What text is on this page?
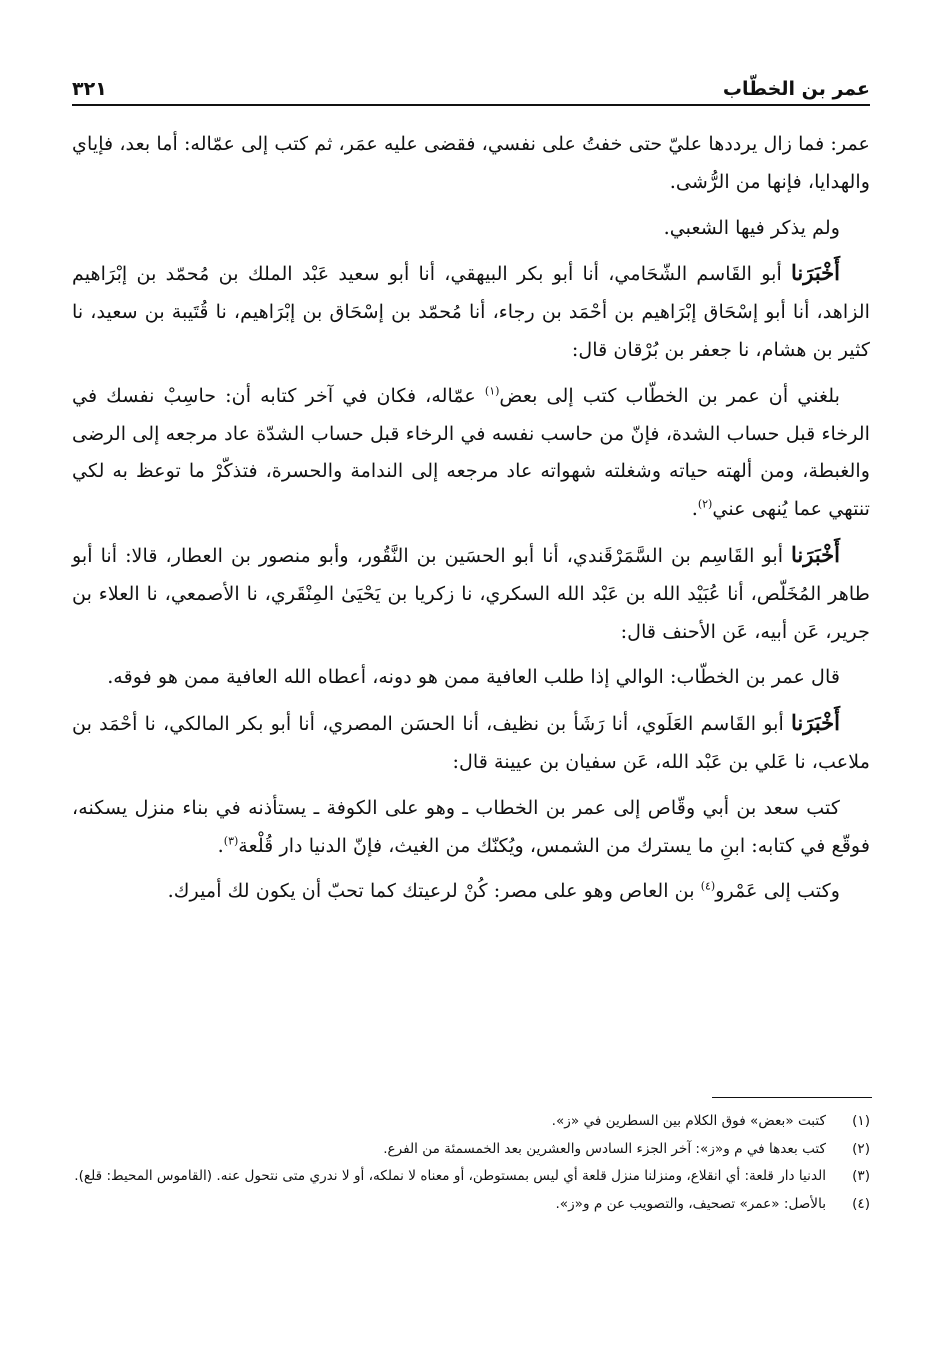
عمر بن الخطّاب
٣٢١

عمر: فما زال يرددها عليّ حتى خفتُ على نفسي، فقضى عليه عمَر، ثم كتب إلى عمّاله: أما بعد، فإياي والهدايا، فإنها من الرُّشى.

ولم يذكر فيها الشعبي.

أَخْبَرَنا أبو القَاسم الشّحَامي، أنا أبو بكر البيهقي، أنا أبو سعيد عَبْد الملك بن مُحمّد بن إبْرَاهيم الزاهد، أنا أبو إسْحَاق إبْرَاهيم بن أحْمَد بن رجاء، أنا مُحمّد بن إسْحَاق بن إبْرَاهيم، نا قُتَيبة بن سعيد، نا كثير بن هشام، نا جعفر بن بُرْقان قال:

بلغني أن عمر بن الخطّاب كتب إلى بعض$^{(١)}$ عمّاله، فكان في آخر كتابه أن: حاسِبْ نفسك في الرخاء قبل حساب الشدة، فإنّ من حاسب نفسه في الرخاء قبل حساب الشدّة عاد مرجعه إلى الرضى والغبطة، ومن ألهته حياته وشغلته شهواته عاد مرجعه إلى الندامة والحسرة، فتذكّرْ ما توعظ به لكي تنتهي عما يُنهى عني$^{(٢)}$.

أَخْبَرَنا أبو القَاسِم بن السَّمَرْقَندي، أنا أبو الحسَين بن النَّقُور، وأبو منصور بن العطار، قالا: أنا أبو طاهر المُخَلّص، أنا عُبَيْد الله بن عَبْد الله السكري، نا زكريا بن يَحْيَىٰ المِنْقَري، نا الأصمعي، نا العلاء بن جرير، عَن أبيه، عَن الأحنف قال:

قال عمر بن الخطّاب: الوالي إذا طلب العافية ممن هو دونه، أعطاه الله العافية ممن هو فوقه.

أَخْبَرَنا أبو القَاسم العَلَوي، أنا رَشَأ بن نظيف، أنا الحسَن المصري، أنا أبو بكر المالكي، نا أحْمَد بن ملاعب، نا عَلي بن عَبْد الله، عَن سفيان بن عيينة قال:

كتب سعد بن أبي وقّاص إلى عمر بن الخطاب ـ وهو على الكوفة ـ يستأذنه في بناء منزل يسكنه، فوقّع في كتابه: ابنِ ما يسترك من الشمس، ويُكنّك من الغيث، فإنّ الدنيا دار قُلْعة$^{(٣)}$.

وكتب إلى عَمْرو$^{(٤)}$ بن العاص وهو على مصر: كُنْ لرعيتك كما تحبّ أن يكون لك أميرك.

(١)
كتبت «بعض» فوق الكلام بين السطرين في «ز».
(٢)
كتب بعدها في م و«ز»: آخر الجزء السادس والعشرين بعد الخمسمئة من الفرع.
(٣)
الدنيا دار قلعة: أي انقلاع، ومنزلنا منزل قلعة أي ليس بمستوطن، أو معناه لا نملكه، أو لا ندري متى نتحول عنه. (القاموس المحيط: قلع).
(٤)
بالأصل: «عمر» تصحيف، والتصويب عن م و«ز».
